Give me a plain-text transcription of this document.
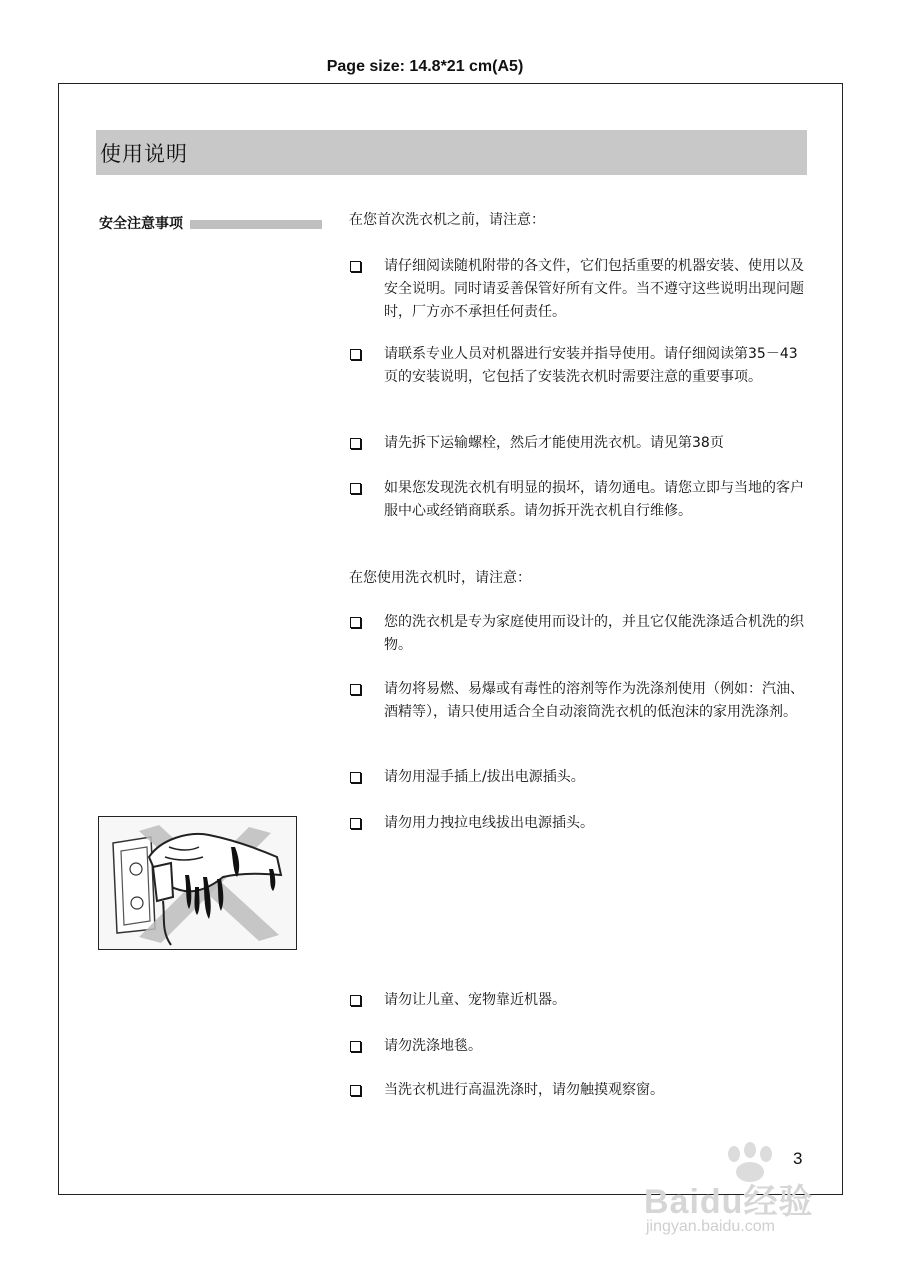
Page size: 14.8*21 cm(A5)
使用说明
安全注意事项	在您首次洗衣机之前，请注意：
请仔细阅读随机附带的各文件，它们包括重要的机器安装、使用以及安全说明。同时请妥善保管好所有文件。当不遵守这些说明出现问题时，厂方亦不承担任何责任。
请联系专业人员对机器进行安装并指导使用。请仔细阅读第35－43页的安装说明，它包括了安装洗衣机时需要注意的重要事项。
请先拆下运输螺栓，然后才能使用洗衣机。请见第38页
如果您发现洗衣机有明显的损坏，请勿通电。请您立即与当地的客户服中心或经销商联系。请勿拆开洗衣机自行维修。
在您使用洗衣机时，请注意：
您的洗衣机是专为家庭使用而设计的，并且它仅能洗涤适合机洗的织物。
请勿将易燃、易爆或有毒性的溶剂等作为洗涤剂使用（例如：汽油、酒精等），请只使用适合全自动滚筒洗衣机的低泡沫的家用洗涤剂。
请勿用湿手插上/拔出电源插头。
请勿用力拽拉电线拔出电源插头。
请勿让儿童、宠物靠近机器。
请勿洗涤地毯。
当洗衣机进行高温洗涤时，请勿触摸观察窗。
3
Baidu经验
jingyan.baidu.com
